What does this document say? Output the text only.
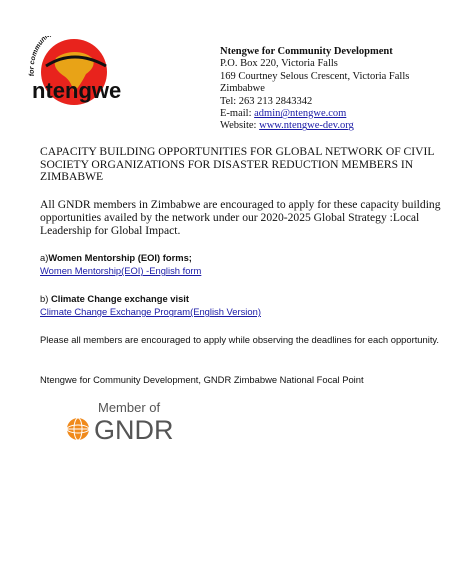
for communi
ntengwe
Ntengwe for Community Development
P.O. Box 220, Victoria Falls
169 Courtney Selous Crescent, Victoria Falls
Zimbabwe
Tel: 263 213 2843342
E-mail: admin@ntengwe.com
Website: www.ntengwe-dev.org
CAPACITY BUILDING OPPORTUNITIES FOR GLOBAL NETWORK OF CIVIL SOCIETY ORGANIZATIONS FOR DISASTER REDUCTION MEMBERS IN ZIMBABWE
All GNDR members in Zimbabwe are encouraged to apply for these capacity building opportunities availed by the network under our 2020-2025 Global Strategy :Local Leadership for Global Impact.
a)Women Mentorship (EOI) forms;
Women Mentorship(EOI) -English form
b) Climate Change exchange visit
Climate Change Exchange Program(English Version)
Please all members are encouraged to apply while observing the deadlines for each opportunity.
Ntengwe for Community Development, GNDR Zimbabwe National Focal Point
Member of
GNDR
